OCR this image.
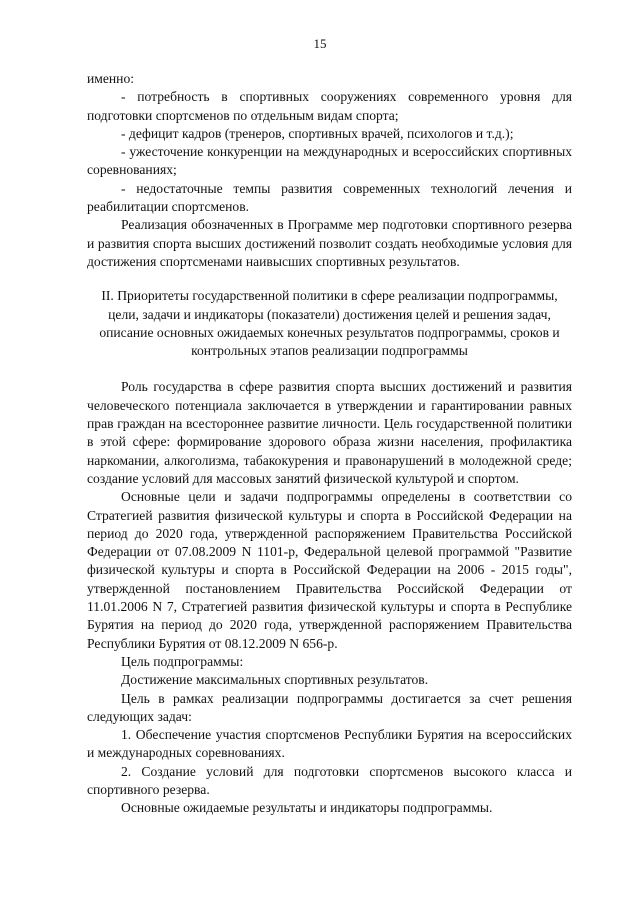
15

именно:

- потребность в спортивных сооружениях современного уровня для подготовки спортсменов по отдельным видам спорта;

- дефицит кадров (тренеров, спортивных врачей, психологов и т.д.);

- ужесточение конкуренции на международных и всероссийских спортивных соревнованиях;

- недостаточные темпы развития современных технологий лечения и реабилитации спортсменов.

Реализация обозначенных в Программе мер подготовки спортивного резерва и развития спорта высших достижений позволит создать необходимые условия для достижения спортсменами наивысших спортивных результатов.

II. Приоритеты государственной политики в сфере реализации подпрограммы, цели, задачи и индикаторы (показатели) достижения целей и решения задач, описание основных ожидаемых конечных результатов подпрограммы, сроков и контрольных этапов реализации подпрограммы

Роль государства в сфере развития спорта высших достижений и развития человеческого потенциала заключается в утверждении и гарантировании равных прав граждан на всестороннее развитие личности. Цель государственной политики в этой сфере: формирование здорового образа жизни населения, профилактика наркомании, алкоголизма, табакокурения и правонарушений в молодежной среде; создание условий для массовых занятий физической культурой и спортом.

Основные цели и задачи подпрограммы определены в соответствии со Стратегией развития физической культуры и спорта в Российской Федерации на период до 2020 года, утвержденной распоряжением Правительства Российской Федерации от 07.08.2009 N 1101-р, Федеральной целевой программой "Развитие физической культуры и спорта в Российской Федерации на 2006 - 2015 годы", утвержденной постановлением Правительства Российской Федерации от 11.01.2006 N 7, Стратегией развития физической культуры и спорта в Республике Бурятия на период до 2020 года, утвержденной распоряжением Правительства Республики Бурятия от 08.12.2009 N 656-р.

Цель подпрограммы:

Достижение максимальных спортивных результатов.

Цель в рамках реализации подпрограммы достигается за счет решения следующих задач:

1. Обеспечение участия спортсменов Республики Бурятия на всероссийских и международных соревнованиях.

2. Создание условий для подготовки спортсменов высокого класса и спортивного резерва.

Основные ожидаемые результаты и индикаторы подпрограммы.
